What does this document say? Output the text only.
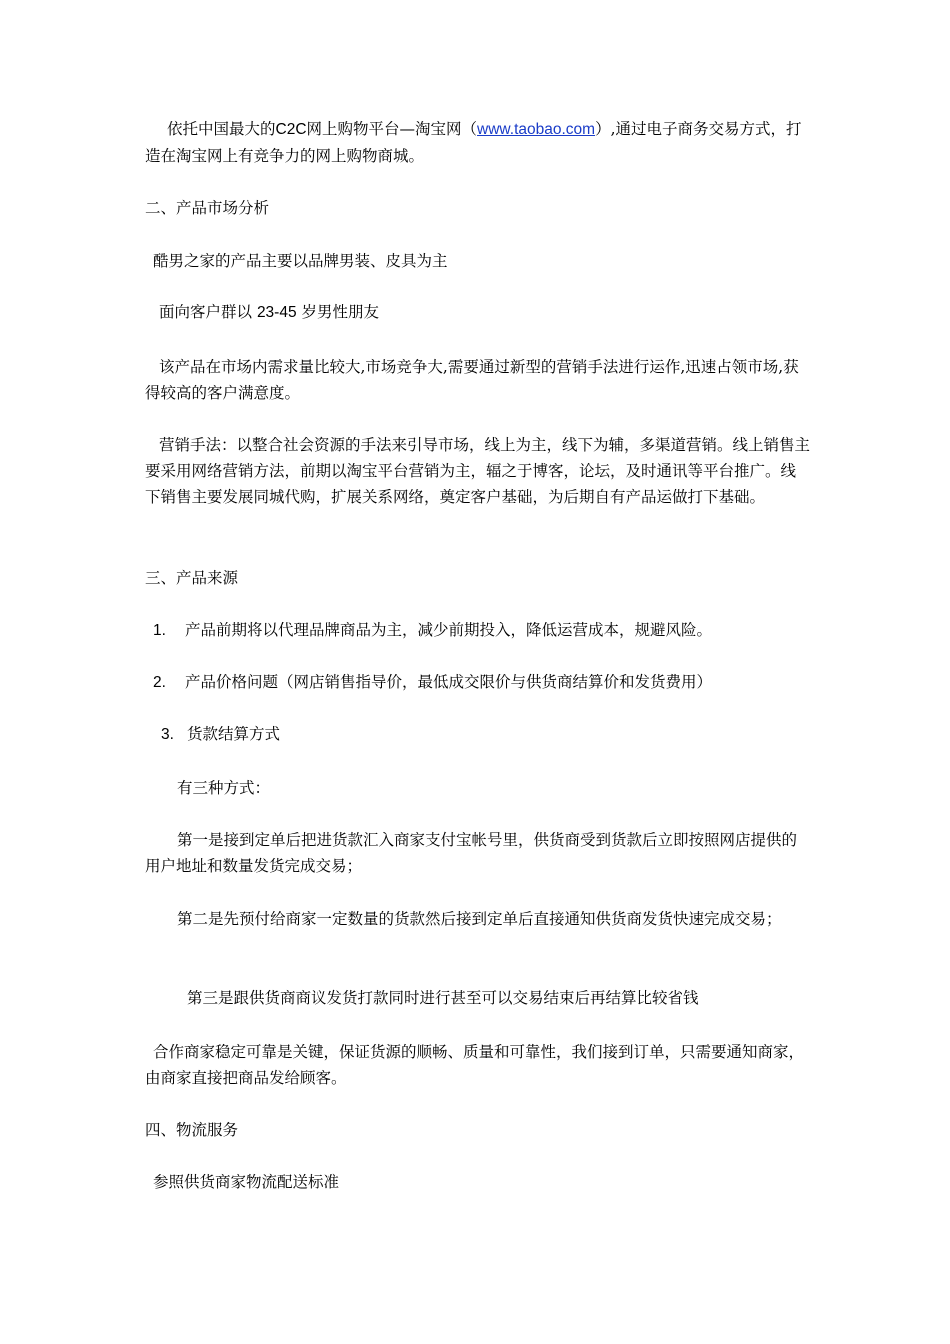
依托中国最大的C2C网上购物平台—淘宝网（www.taobao.com）,通过电子商务交易方式，打造在淘宝网上有竞争力的网上购物商城。

二、产品市场分析

酷男之家的产品主要以品牌男装、皮具为主

面向客户群以 23-45 岁男性朋友

该产品在市场内需求量比较大,市场竞争大,需要通过新型的营销手法进行运作,迅速占领市场,获得较高的客户满意度。

营销手法：以整合社会资源的手法来引导市场，线上为主，线下为辅，多渠道营销。线上销售主要采用网络营销方法，前期以淘宝平台营销为主，辐之于博客，论坛，及时通讯等平台推广。线下销售主要发展同城代购，扩展关系网络，奠定客户基础，为后期自有产品运做打下基础。

三、产品来源

1. 产品前期将以代理品牌商品为主，减少前期投入，降低运营成本，规避风险。

2. 产品价格问题（网店销售指导价，最低成交限价与供货商结算价和发货费用）

3. 货款结算方式

有三种方式：

第一是接到定单后把进货款汇入商家支付宝帐号里，供货商受到货款后立即按照网店提供的用户地址和数量发货完成交易；

第二是先预付给商家一定数量的货款然后接到定单后直接通知供货商发货快速完成交易；

第三是跟供货商商议发货打款同时进行甚至可以交易结束后再结算比较省钱

合作商家稳定可靠是关键，保证货源的顺畅、质量和可靠性，我们接到订单，只需要通知商家，由商家直接把商品发给顾客。

四、物流服务

参照供货商家物流配送标准
